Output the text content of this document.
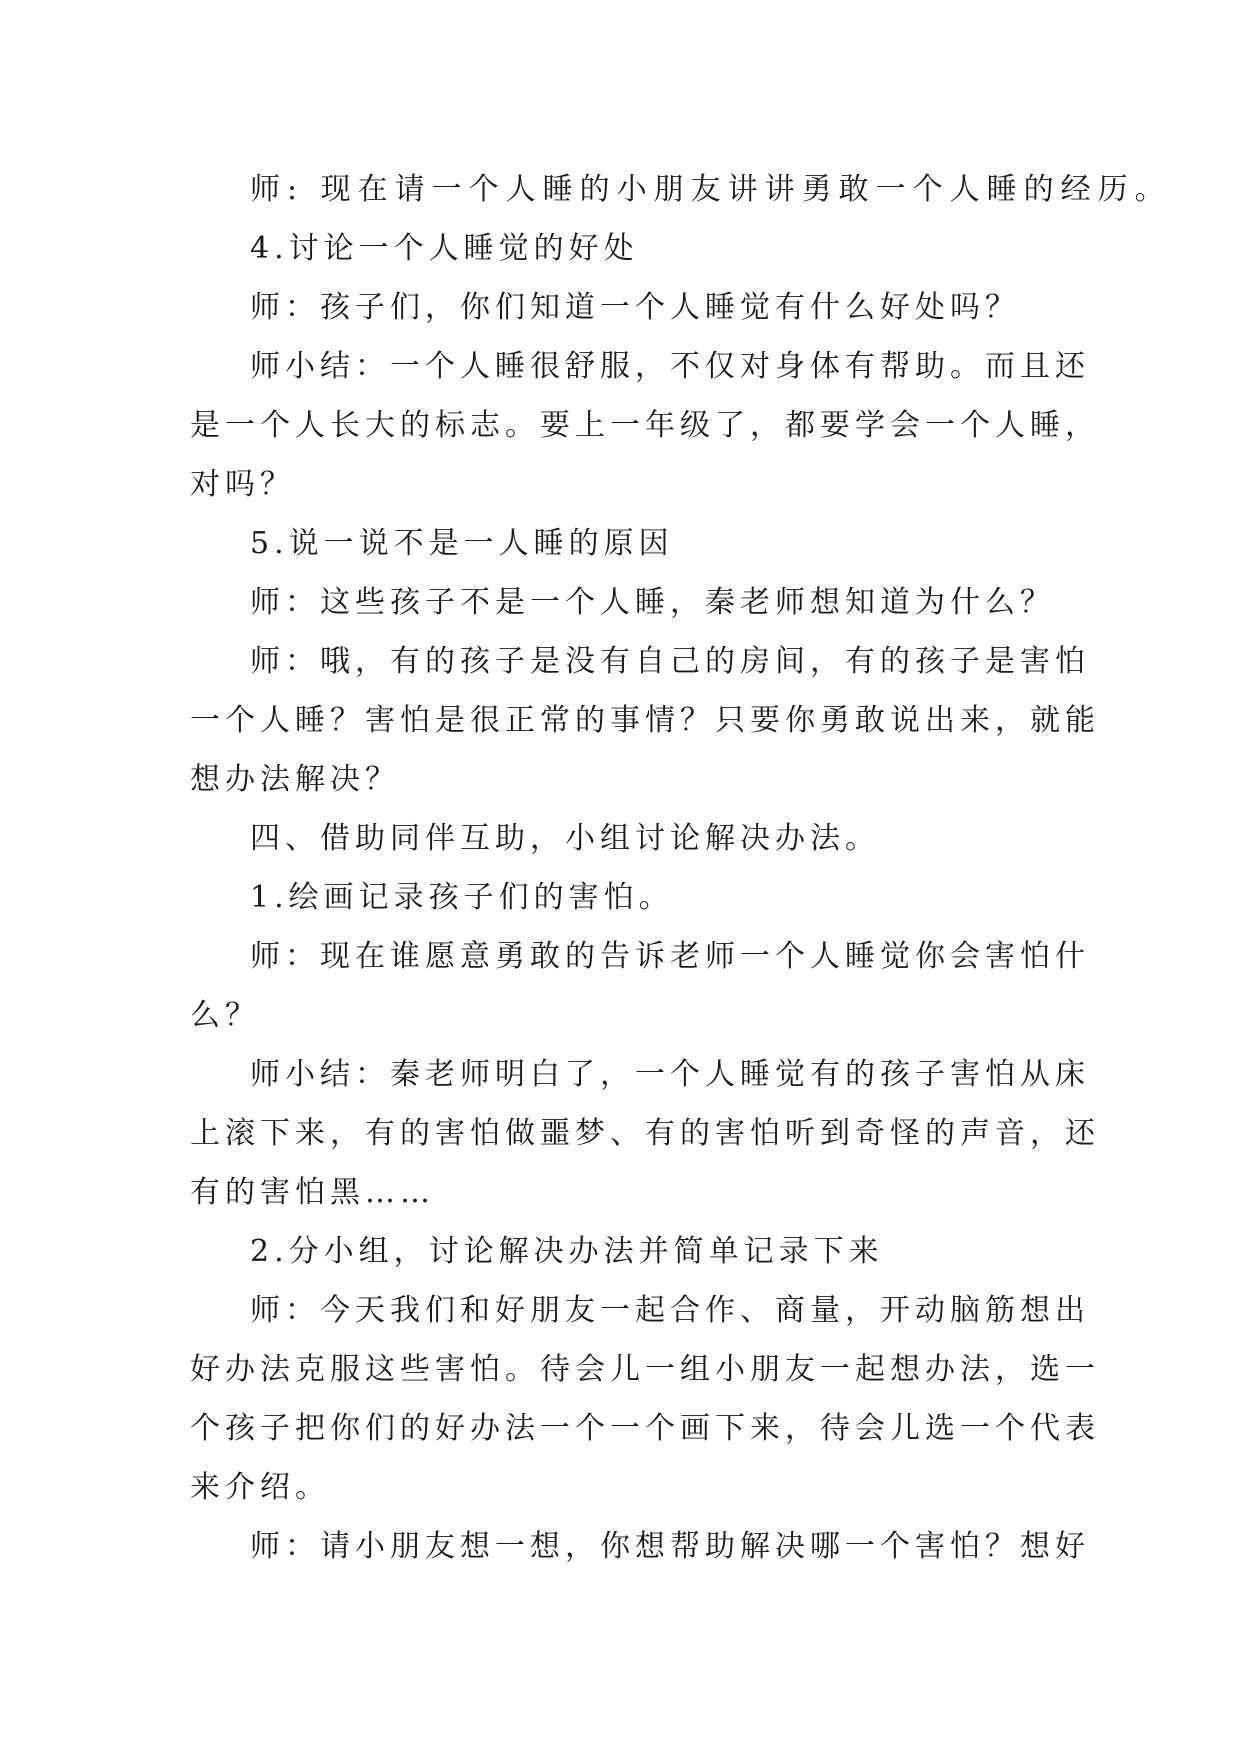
师: 现在请一个人睡的小朋友讲讲勇敢一个人睡的经历。
4.讨论一个人睡觉的好处
师：孩子们，你们知道一个人睡觉有什么好处吗？
师小结：一个人睡很舒服，不仅对身体有帮助。而且还
是一个人长大的标志。要上一年级了，都要学会一个人睡，
对吗？
5.说一说不是一人睡的原因
师：这些孩子不是一个人睡，秦老师想知道为什么？
师：哦，有的孩子是没有自己的房间，有的孩子是害怕
一个人睡？害怕是很正常的事情？只要你勇敢说出来，就能
想办法解决？
四、借助同伴互助，小组讨论解决办法。
1.绘画记录孩子们的害怕。
师：现在谁愿意勇敢的告诉老师一个人睡觉你会害怕什
么？
师小结：秦老师明白了，一个人睡觉有的孩子害怕从床
上滚下来，有的害怕做噩梦、有的害怕听到奇怪的声音，还
有的害怕黑……
2.分小组，讨论解决办法并简单记录下来
师：今天我们和好朋友一起合作、商量，开动脑筋想出
好办法克服这些害怕。待会儿一组小朋友一起想办法，选一
个孩子把你们的好办法一个一个画下来，待会儿选一个代表
来介绍。
师：请小朋友想一想，你想帮助解决哪一个害怕？想好
